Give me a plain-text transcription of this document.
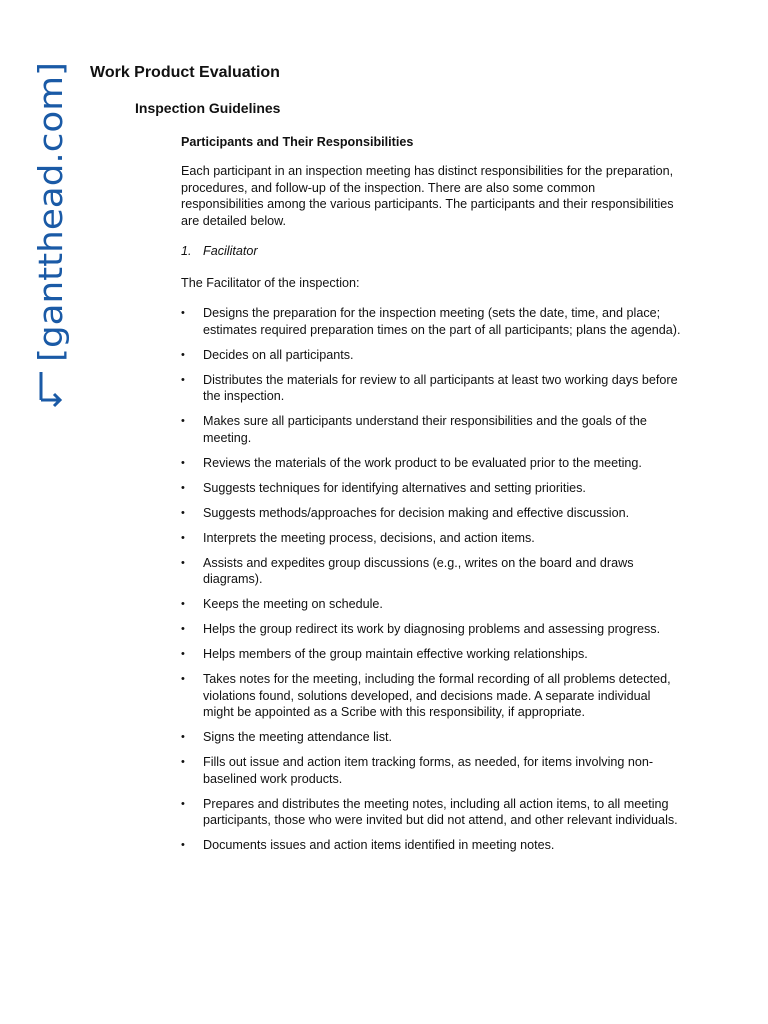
[gantthead.com]
Work Product Evaluation
Inspection Guidelines
Participants and Their Responsibilities

Each participant in an inspection meeting has distinct responsibilities for the preparation, procedures, and follow-up of the inspection. There are also some common responsibilities among the various participants. The participants and their responsibilities are detailed below.

1. Facilitator

The Facilitator of the inspection:

• Designs the preparation for the inspection meeting (sets the date, time, and place; estimates required preparation times on the part of all participants; plans the agenda).
• Decides on all participants.
• Distributes the materials for review to all participants at least two working days before the inspection.
• Makes sure all participants understand their responsibilities and the goals of the meeting.
• Reviews the materials of the work product to be evaluated prior to the meeting.
• Suggests techniques for identifying alternatives and setting priorities.
• Suggests methods/approaches for decision making and effective discussion.
• Interprets the meeting process, decisions, and action items.
• Assists and expedites group discussions (e.g., writes on the board and draws diagrams).
• Keeps the meeting on schedule.
• Helps the group redirect its work by diagnosing problems and assessing progress.
• Helps members of the group maintain effective working relationships.
• Takes notes for the meeting, including the formal recording of all problems detected, violations found, solutions developed, and decisions made. A separate individual might be appointed as a Scribe with this responsibility, if appropriate.
• Signs the meeting attendance list.
• Fills out issue and action item tracking forms, as needed, for items involving non-baselined work products.
• Prepares and distributes the meeting notes, including all action items, to all meeting participants, those who were invited but did not attend, and other relevant individuals.
• Documents issues and action items identified in meeting notes.
